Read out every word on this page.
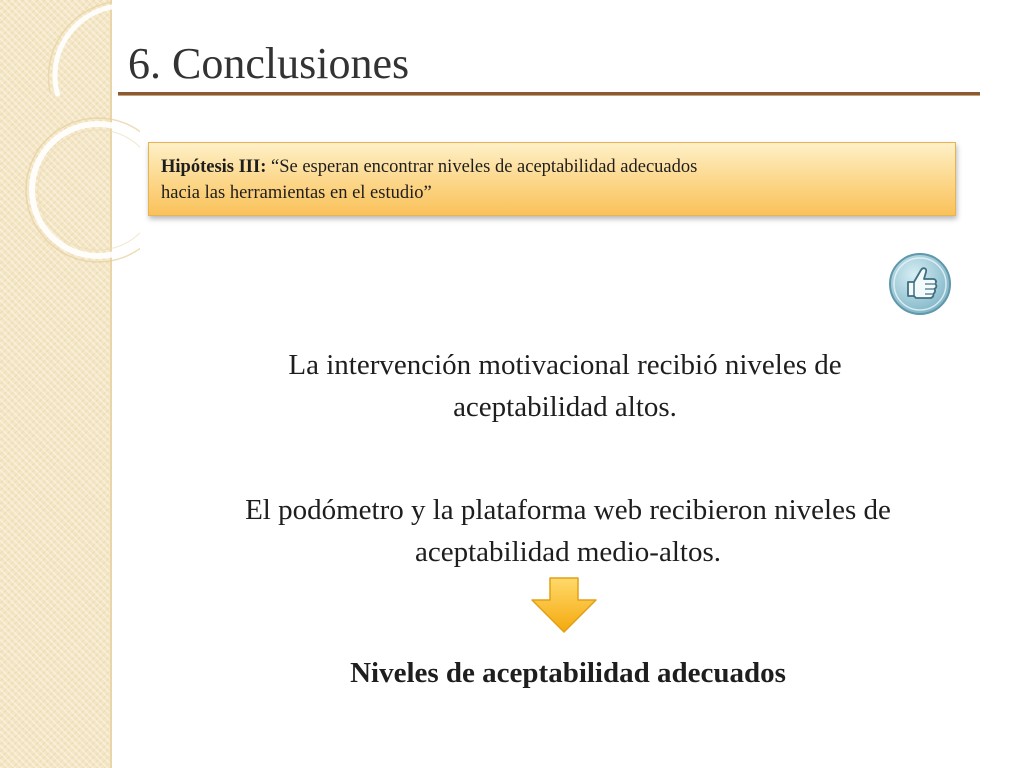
6. Conclusiones
Hipótesis III: “Se esperan encontrar niveles de aceptabilidad adecuados
hacia las herramientas en el estudio”

La intervención motivacional recibió niveles de
aceptabilidad altos.

El podómetro y la plataforma web recibieron niveles de
aceptabilidad medio-altos.

Niveles de aceptabilidad adecuados
